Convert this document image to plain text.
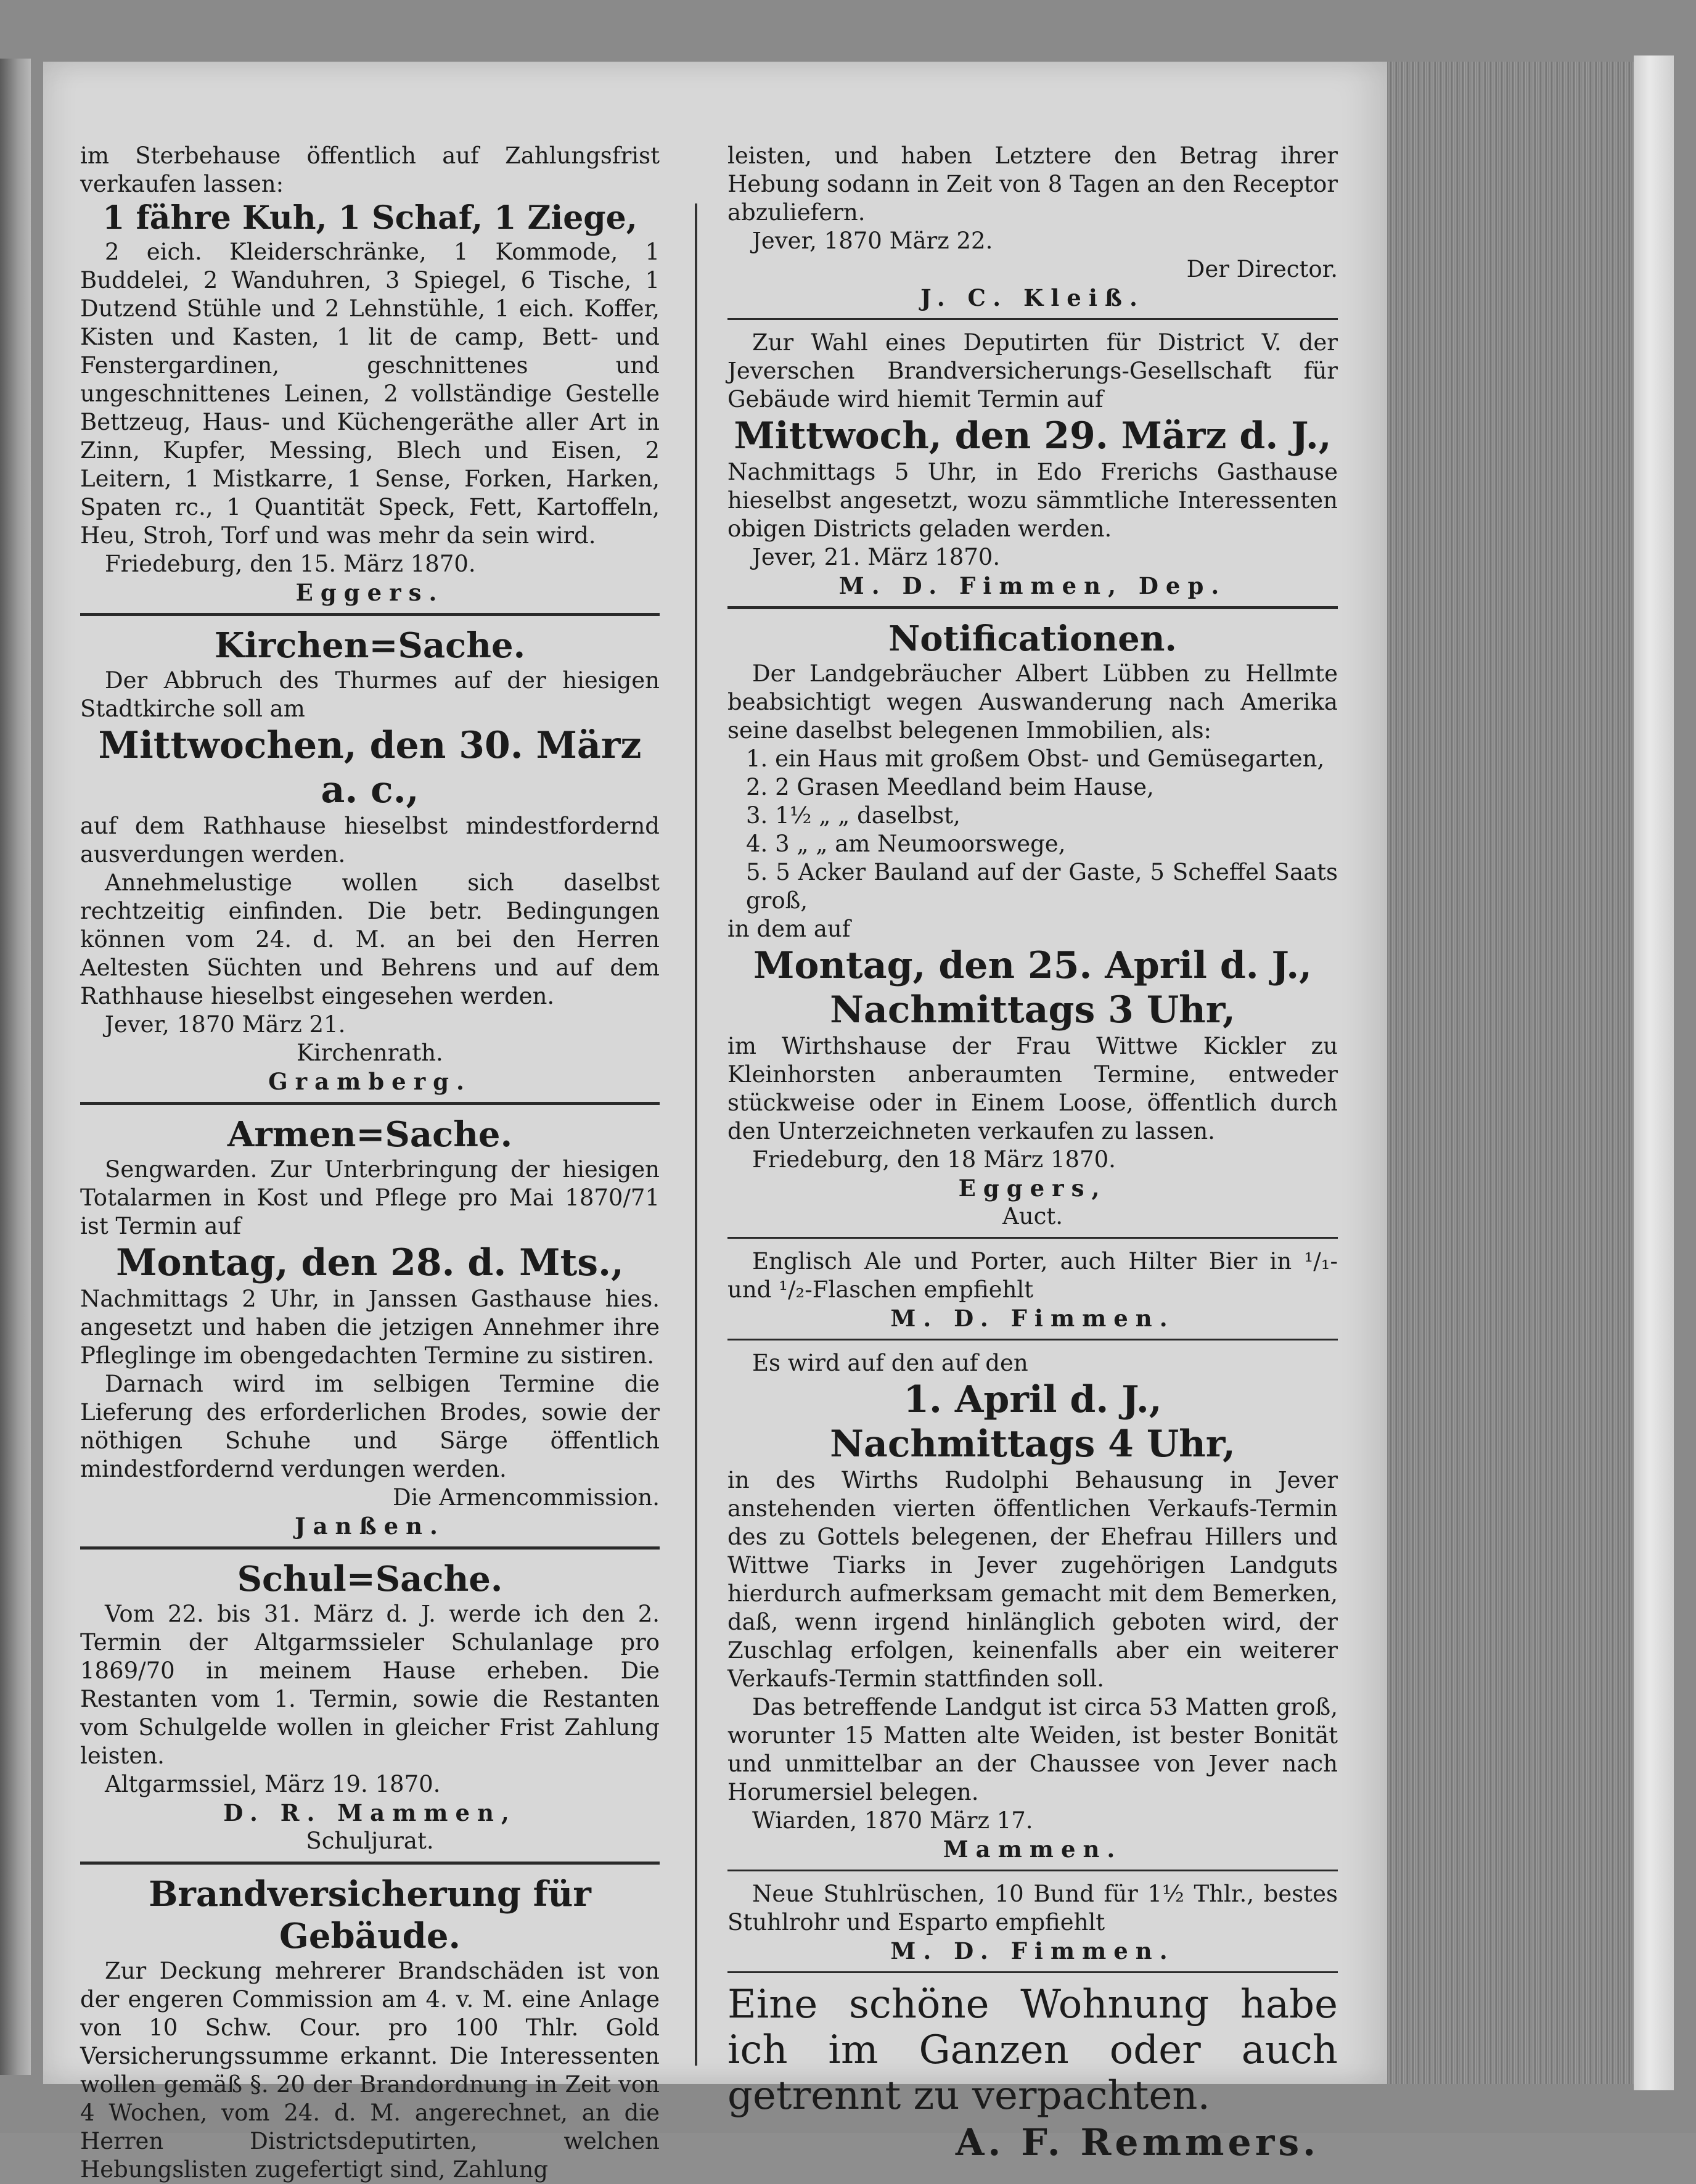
im Sterbehause öffentlich auf Zahlungsfrist verkaufen lassen:

1 fähre Kuh, 1 Schaf, 1 Ziege,

2 eich. Kleiderschränke, 1 Kommode, 1 Buddelei, 2 Wanduhren, 3 Spiegel, 6 Tische, 1 Dutzend Stühle und 2 Lehnstühle, 1 eich. Koffer, Kisten und Kasten, 1 lit de camp, Bett- und Fenstergardinen, geschnittenes und ungeschnittenes Leinen, 2 vollständige Gestelle Bettzeug, Haus- und Küchengeräthe aller Art in Zinn, Kupfer, Messing, Blech und Eisen, 2 Leitern, 1 Mistkarre, 1 Sense, Forken, Harken, Spaten rc., 1 Quantität Speck, Fett, Kartoffeln, Heu, Stroh, Torf und was mehr da sein wird.

Friedeburg, den 15. März 1870.

Eggers.

Kirchen=Sache.

Der Abbruch des Thurmes auf der hiesigen Stadtkirche soll am

Mittwochen, den 30. März a. c.,

auf dem Rathhause hieselbst mindestfordernd ausverdungen werden.

Annehmelustige wollen sich daselbst rechtzeitig einfinden. Die betr. Bedingungen können vom 24. d. M. an bei den Herren Aeltesten Süchten und Behrens und auf dem Rathhause hieselbst eingesehen werden.

Jever, 1870 März 21.

Kirchenrath.

Gramberg.

Armen=Sache.

Sengwarden. Zur Unterbringung der hiesigen Totalarmen in Kost und Pflege pro Mai 1870/71 ist Termin auf

Montag, den 28. d. Mts.,

Nachmittags 2 Uhr, in Janssen Gasthause hies. angesetzt und haben die jetzigen Annehmer ihre Pfleglinge im obengedachten Termine zu sistiren.

Darnach wird im selbigen Termine die Lieferung des erforderlichen Brodes, sowie der nöthigen Schuhe und Särge öffentlich mindestfordernd verdungen werden.

Die Armencommission.

Janßen.

Schul=Sache.

Vom 22. bis 31. März d. J. werde ich den 2. Termin der Altgarmssieler Schulanlage pro 1869/70 in meinem Hause erheben. Die Restanten vom 1. Termin, sowie die Restanten vom Schulgelde wollen in gleicher Frist Zahlung leisten.

Altgarmssiel, März 19. 1870.

D. R. Mammen,

Schuljurat.

Brandversicherung für Gebäude.

Zur Deckung mehrerer Brandschäden ist von der engeren Commission am 4. v. M. eine Anlage von 10 Schw. Cour. pro 100 Thlr. Gold Versicherungssumme erkannt. Die Interessenten wollen gemäß §. 20 der Brandordnung in Zeit von 4 Wochen, vom 24. d. M. angerechnet, an die Herren Districtsdeputirten, welchen Hebungslisten zugefertigt sind, Zahlung

leisten, und haben Letztere den Betrag ihrer Hebung sodann in Zeit von 8 Tagen an den Receptor abzuliefern.

Jever, 1870 März 22.

Der Director.

J. C. Kleiß.

Zur Wahl eines Deputirten für District V. der Jeverschen Brandversicherungs-Gesellschaft für Gebäude wird hiemit Termin auf

Mittwoch, den 29. März d. J.,

Nachmittags 5 Uhr, in Edo Frerichs Gasthause hieselbst angesetzt, wozu sämmtliche Interessenten obigen Districts geladen werden.

Jever, 21. März 1870.

M. D. Fimmen, Dep.

Notificationen.

Der Landgebräucher Albert Lübben zu Hellmte beabsichtigt wegen Auswanderung nach Amerika seine daselbst belegenen Immobilien, als:

1. ein Haus mit großem Obst- und Gemüsegarten,

2. 2 Grasen Meedland beim Hause,

3. 1½ „ „ daselbst,

4. 3 „ „ am Neumoorswege,

5. 5 Acker Bauland auf der Gaste, 5 Scheffel Saats groß,

in dem auf

Montag, den 25. April d. J.,

Nachmittags 3 Uhr,

im Wirthshause der Frau Wittwe Kickler zu Kleinhorsten anberaumten Termine, entweder stückweise oder in Einem Loose, öffentlich durch den Unterzeichneten verkaufen zu lassen.

Friedeburg, den 18 März 1870.

Eggers,

Auct.

Englisch Ale und Porter, auch Hilter Bier in ¹/₁- und ¹/₂-Flaschen empfiehlt

M. D. Fimmen.

Es wird auf den auf den

1. April d. J.,

Nachmittags 4 Uhr,

in des Wirths Rudolphi Behausung in Jever anstehenden vierten öffentlichen Verkaufs-Termin des zu Gottels belegenen, der Ehefrau Hillers und Wittwe Tiarks in Jever zugehörigen Landguts hierdurch aufmerksam gemacht mit dem Bemerken, daß, wenn irgend hinlänglich geboten wird, der Zuschlag erfolgen, keinenfalls aber ein weiterer Verkaufs-Termin stattfinden soll.

Das betreffende Landgut ist circa 53 Matten groß, worunter 15 Matten alte Weiden, ist bester Bonität und unmittelbar an der Chaussee von Jever nach Horumersiel belegen.

Wiarden, 1870 März 17.

Mammen.

Neue Stuhlrüschen, 10 Bund für 1½ Thlr., bestes Stuhlrohr und Esparto empfiehlt

M. D. Fimmen.

Eine schöne Wohnung habe ich im Ganzen oder auch getrennt zu verpachten.

A. F. Remmers.
